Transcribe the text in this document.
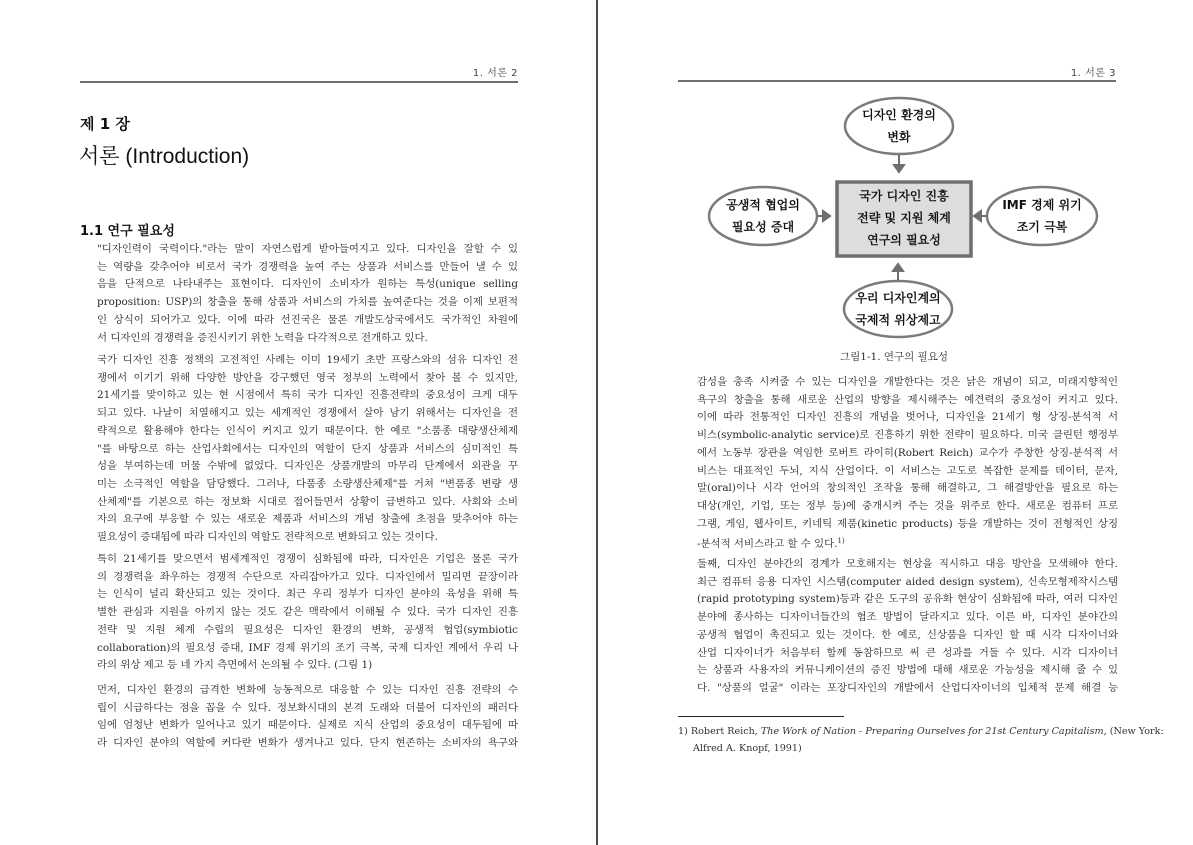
1. 서론 2
제 1 장
서론 (Introduction)
1.1 연구 필요성
"디자인력이 국력이다."라는 말이 자연스럽게 받아들여지고 있다. 디자인을 잘할 수 있
는 역량을 갖추어야 비로서 국가 경쟁력을 높여 주는 상품과 서비스를 만들어 낼 수 있
음을 단적으로 나타내주는 표현이다. 디자인이 소비자가 원하는 특성(unique selling
proposition: USP)의 창출을 통해 상품과 서비스의 가치를 높여준다는 것을 이제 보편적
인 상식이 되어가고 있다. 이에 따라 선진국은 물론 개발도상국에서도 국가적인 차원에
서 디자인의 경쟁력을 증진시키기 위한 노력을 다각적으로 전개하고 있다.
국가 디자인 진흥 정책의 고전적인 사례는 이미 19세기 초반 프랑스와의 섬유 디자인 전
쟁에서 이기기 위해 다양한 방안을 강구했던 영국 정부의 노력에서 찾아 볼 수 있지만,
21세기를 맞이하고 있는 현 시점에서 특히 국가 디자인 진흥전략의 중요성이 크게 대두
되고 있다. 나날이 치열해지고 있는 세계적인 경쟁에서 살아 남기 위해서는 디자인을 전
략적으로 활용해야 한다는 인식이 커지고 있기 때문이다. 한 예로 "소품종 대량생산체제
"를 바탕으로 하는 산업사회에서는 디자인의 역할이 단지 상품과 서비스의 심미적인 특
성을 부여하는데 머물 수밖에 없었다. 디자인은 상품개발의 마무리 단계에서 외관을 꾸
미는 소극적인 역할을 담당했다. 그러나, 다품종 소량생산체제"를 거쳐 "변품종 변량 생
산체제"를 기본으로 하는 정보화 시대로 접어들면서 상황이 급변하고 있다. 사회와 소비
자의 요구에 부응할 수 있는 새로운 제품과 서비스의 개념 창출에 초점을 맞추어야 하는
필요성이 증대됨에 따라 디자인의 역할도 전략적으로 변화되고 있는 것이다.
특히 21세기를 맞으면서 범세계적인 경쟁이 심화됨에 따라, 디자인은 기업은 물론 국가
의 경쟁력을 좌우하는 경쟁적 수단으로 자리잡아가고 있다. 디자인에서 밀리면 끝장이라
는 인식이 널리 확산되고 있는 것이다. 최근 우리 정부가 디자인 분야의 육성을 위해 특
별한 관심과 지원을 아끼지 않는 것도 같은 맥락에서 이해될 수 있다. 국가 디자인 진흥
전략 및 지원 체계 수립의 필요성은 디자인 환경의 변화, 공생적 협업(symbiotic
collaboration)의 필요성 증대, IMF 경제 위기의 조기 극복, 국제 디자인 계에서 우리 나
라의 위상 제고 등 네 가지 측면에서 논의될 수 있다. (그림 1)
먼저, 디자인 환경의 급격한 변화에 능동적으로 대응할 수 있는 디자인 진흥 전략의 수
립이 시급하다는 점을 꼽을 수 있다. 정보화시대의 본격 도래와 더불어 디자인의 패러다
임에 엄청난 변화가 일어나고 있기 때문이다. 실제로 지식 산업의 중요성이 대두됨에 따
라 디자인 분야의 역할에 커다란 변화가 생겨나고 있다. 단지 현존하는 소비자의 욕구와
1. 서론 3
국가 디자인 진흥
전략 및 지원 체계
연구의 필요성
디자인 환경의
변화
공생적 협업의
필요성 증대
IMF 경제 위기
조기 극복
우리 디자인계의
국제적 위상제고
그림1-1. 연구의 필요성
감성을 충족 시켜줄 수 있는 디자인을 개발한다는 것은 낡은 개념이 되고, 미래지향적인
욕구의 창출을 통해 새로운 산업의 방향을 제시해주는 예견력의 중요성이 커지고 있다.
이에 따라 전통적인 디자인 진흥의 개념을 벗어나, 디자인을 21세기 형 상징-분석적 서
비스(symbolic-analytic service)로 진흥하기 위한 전략이 필요하다. 미국 클린턴 행정부
에서 노동부 장관을 역임한 로버트 라이히(Robert Reich) 교수가 주창한 상징-분석적 서
비스는 대표적인 두뇌, 지식 산업이다. 이 서비스는 고도로 복잡한 문제를 데이터, 문자,
말(oral)이나 시각 언어의 창의적인 조작을 통해 해결하고, 그 해결방안을 필요로 하는
대상(개인, 기업, 또는 정부 등)에 중개시켜 주는 것을 위주로 한다. 새로운 컴퓨터 프로
그램, 게임, 웹사이트, 키네틱 제품(kinetic products) 등을 개발하는 것이 전형적인 상징
-분석적 서비스라고 할 수 있다.$^{1)}$
둘째, 디자인 분야간의 경계가 모호해지는 현상을 직시하고 대응 방안을 모색해야 한다.
최근 컴퓨터 응용 디자인 시스템(computer aided design system), 신속모형제작시스템
(rapid prototyping system)등과 같은 도구의 공유화 현상이 심화됨에 따라, 여러 디자인
분야에 종사하는 디자이너들간의 협조 방법이 달라지고 있다. 이른 바, 디자인 분야간의
공생적 협업이 촉진되고 있는 것이다. 한 예로, 신상품을 디자인 할 때 시각 디자이너와
산업 디자이너가 처음부터 함께 동참하므로 써 큰 성과를 거둘 수 있다. 시각 디자이너
는 상품과 사용자의 커뮤니케이션의 증진 방법에 대해 새로운 가능성을 제시해 줄 수 있
다. "상품의 얼굴" 이라는 포장디자인의 개발에서 산업디자이너의 입체적 문제 해결 능
1) Robert Reich, The Work of Nation - Preparing Ourselves for 21st Century Capitalism, (New York:
Alfred A. Knopf, 1991)
